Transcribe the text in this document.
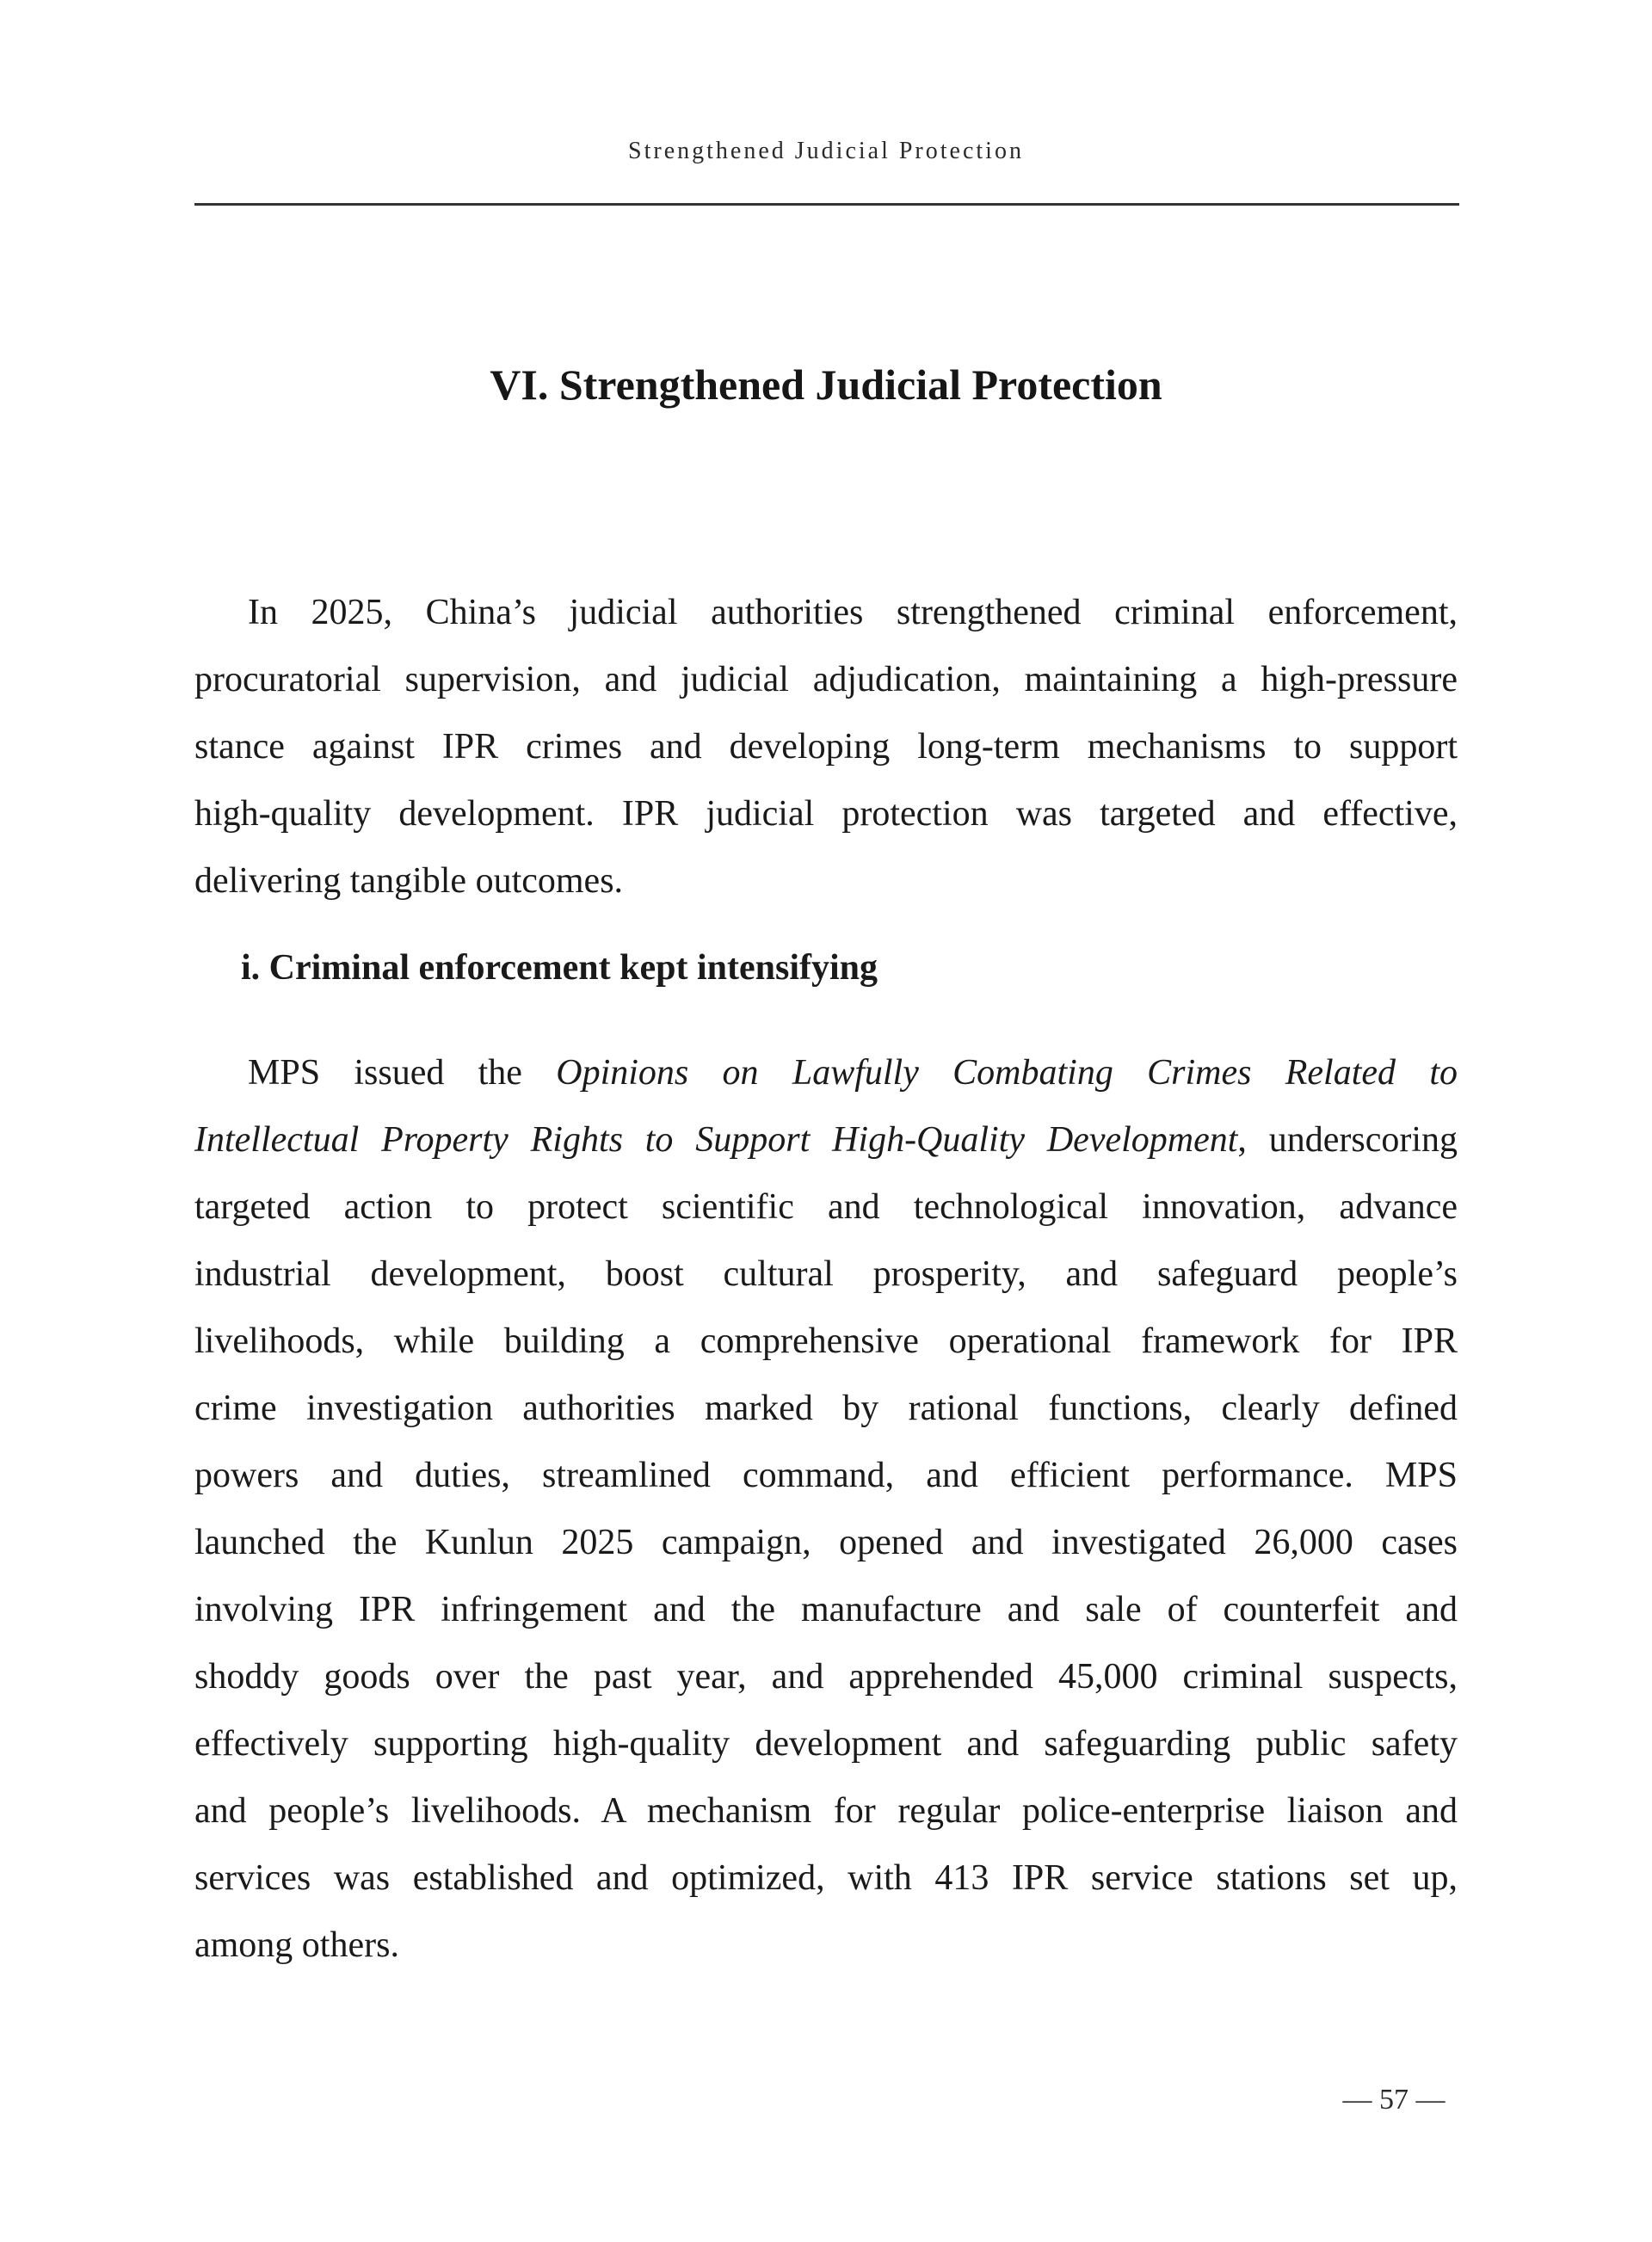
Strengthened Judicial Protection
VI. Strengthened Judicial Protection
In 2025, China’s judicial authorities strengthened criminal enforcement,
procuratorial supervision, and judicial adjudication, maintaining a high-pressure
stance against IPR crimes and developing long-term mechanisms to support
high-quality development. IPR judicial protection was targeted and effective,
delivering tangible outcomes.
i. Criminal enforcement kept intensifying
MPS issued the Opinions on Lawfully Combating Crimes Related to
Intellectual Property Rights to Support High-Quality Development, underscoring
targeted action to protect scientific and technological innovation, advance
industrial development, boost cultural prosperity, and safeguard people’s
livelihoods, while building a comprehensive operational framework for IPR
crime investigation authorities marked by rational functions, clearly defined
powers and duties, streamlined command, and efficient performance. MPS
launched the Kunlun 2025 campaign, opened and investigated 26,000 cases
involving IPR infringement and the manufacture and sale of counterfeit and
shoddy goods over the past year, and apprehended 45,000 criminal suspects,
effectively supporting high-quality development and safeguarding public safety
and people’s livelihoods. A mechanism for regular police-enterprise liaison and
services was established and optimized, with 413 IPR service stations set up,
among others.
— 57 —
